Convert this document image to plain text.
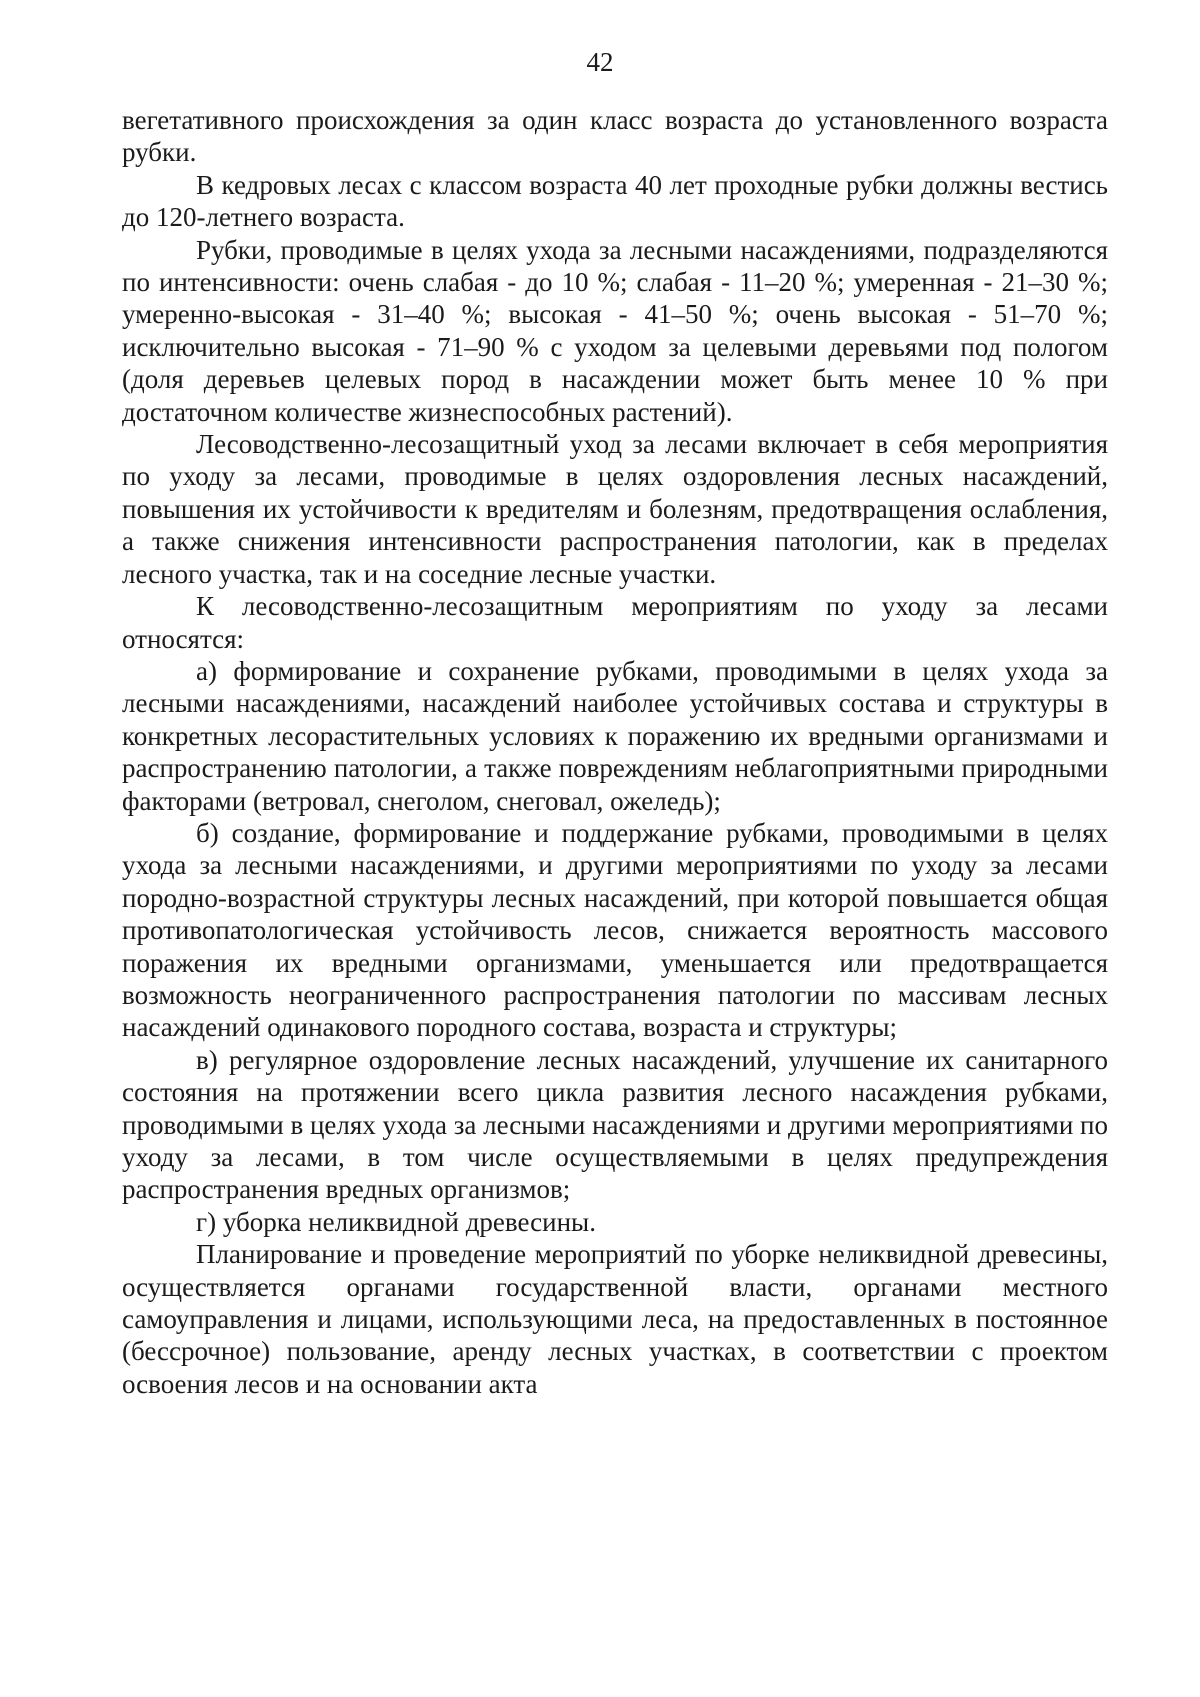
42

вегетативного происхождения за один класс возраста до установленного возраста рубки.

В кедровых лесах с классом возраста 40 лет проходные рубки должны вестись до 120-летнего возраста.

Рубки, проводимые в целях ухода за лесными насаждениями, подразделяются по интенсивности: очень слабая - до 10 %; слабая - 11–20 %; умеренная - 21–30 %; умеренно-высокая - 31–40 %; высокая - 41–50 %; очень высокая - 51–70 %; исключительно высокая - 71–90 % с уходом за целевыми деревьями под пологом (доля деревьев целевых пород в насаждении может быть менее 10 % при достаточном количестве жизнеспособных растений).

Лесоводственно-лесозащитный уход за лесами включает в себя мероприятия по уходу за лесами, проводимые в целях оздоровления лесных насаждений, повышения их устойчивости к вредителям и болезням, предотвращения ослабления, а также снижения интенсивности распространения патологии, как в пределах лесного участка, так и на соседние лесные участки.

К лесоводственно-лесозащитным мероприятиям по уходу за лесами относятся:

а) формирование и сохранение рубками, проводимыми в целях ухода за лесными насаждениями, насаждений наиболее устойчивых состава и структуры в конкретных лесорастительных условиях к поражению их вредными организмами и распространению патологии, а также повреждениям неблагоприятными природными факторами (ветровал, снеголом, снеговал, ожеледь);

б) создание, формирование и поддержание рубками, проводимыми в целях ухода за лесными насаждениями, и другими мероприятиями по уходу за лесами породно-возрастной структуры лесных насаждений, при которой повышается общая противопатологическая устойчивость лесов, снижается вероятность массового поражения их вредными организмами, уменьшается или предотвращается возможность неограниченного распространения патологии по массивам лесных насаждений одинакового породного состава, возраста и структуры;

в) регулярное оздоровление лесных насаждений, улучшение их санитарного состояния на протяжении всего цикла развития лесного насаждения рубками, проводимыми в целях ухода за лесными насаждениями и другими мероприятиями по уходу за лесами, в том числе осуществляемыми в целях предупреждения распространения вредных организмов;

г) уборка неликвидной древесины.

Планирование и проведение мероприятий по уборке неликвидной древесины, осуществляется органами государственной власти, органами местного самоуправления и лицами, использующими леса, на предоставленных в постоянное (бессрочное) пользование, аренду лесных участках, в соответствии с проектом освоения лесов и на основании акта
